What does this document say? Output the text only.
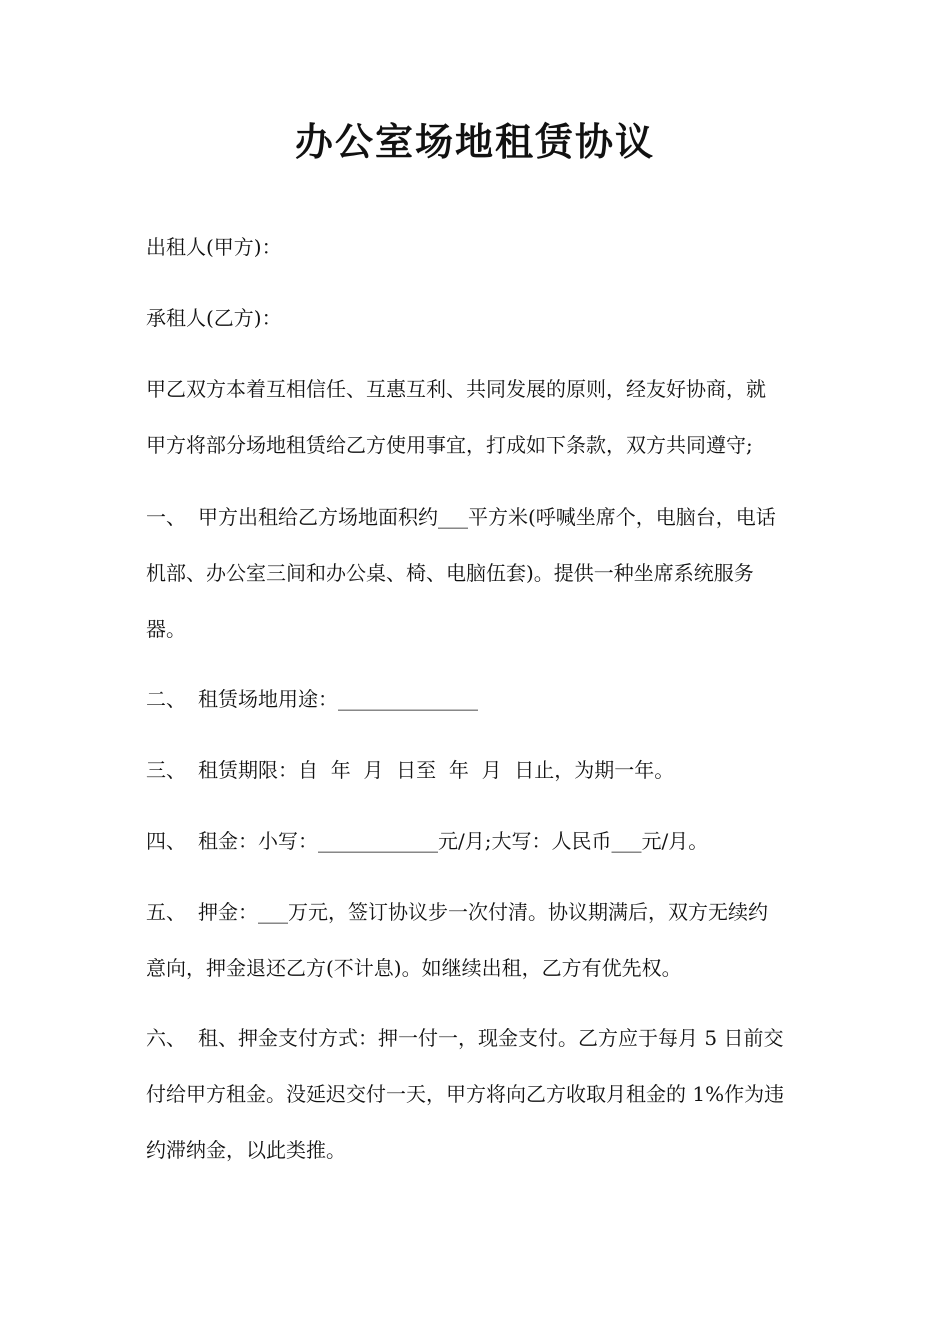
办公室场地租赁协议
出租人(甲方)：
承租人(乙方)：
甲乙双方本着互相信任、互惠互利、共同发展的原则，经友好协商，就
甲方将部分场地租赁给乙方使用事宜，打成如下条款，双方共同遵守;
一、 甲方出租给乙方场地面积约___平方米(呼喊坐席个，电脑台，电话
机部、办公室三间和办公桌、椅、电脑伍套)。提供一种坐席系统服务
器。
二、 租赁场地用途：______________
三、 租赁期限：自  年  月  日至  年  月  日止，为期一年。
四、 租金：小写：____________元/月;大写：人民币___元/月。
五、 押金：___万元，签订协议步一次付清。协议期满后，双方无续约
意向，押金退还乙方(不计息)。如继续出租，乙方有优先权。
六、 租、押金支付方式：押一付一，现金支付。乙方应于每月 5 日前交
付给甲方租金。没延迟交付一天，甲方将向乙方收取月租金的 1%作为违
约滞纳金，以此类推。
